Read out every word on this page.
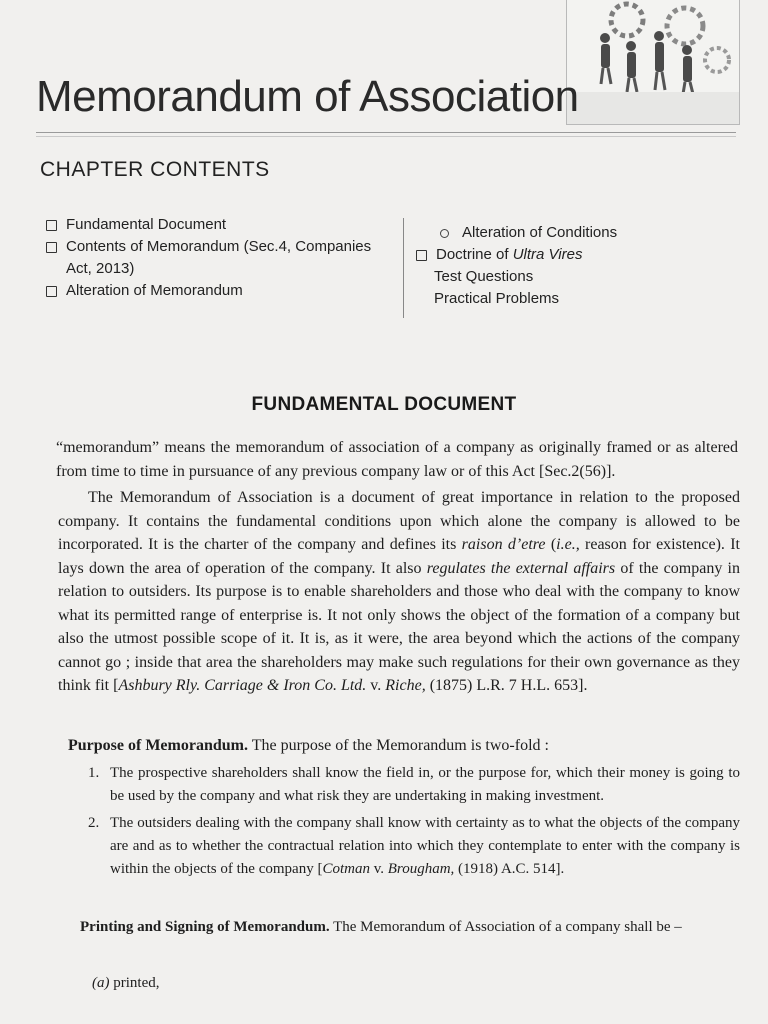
Memorandum of Association
CHAPTER CONTENTS
Fundamental Document
Contents of Memorandum (Sec.4, Companies Act, 2013)
Alteration of Memorandum
Alteration of Conditions
Doctrine of Ultra Vires
Test Questions
Practical Problems
FUNDAMENTAL DOCUMENT
“memorandum” means the memorandum of association of a company as originally framed or as altered from time to time in pursuance of any previous company law or of this Act [Sec.2(56)].
The Memorandum of Association is a document of great importance in relation to the proposed company. It contains the fundamental conditions upon which alone the company is allowed to be incorporated. It is the charter of the company and defines its raison d’etre (i.e., reason for existence). It lays down the area of operation of the company. It also regulates the external affairs of the company in relation to outsiders. Its purpose is to enable shareholders and those who deal with the company to know what its permitted range of enterprise is. It not only shows the object of the formation of a company but also the utmost possible scope of it. It is, as it were, the area beyond which the actions of the company cannot go ; inside that area the shareholders may make such regulations for their own governance as they think fit [Ashbury Rly. Carriage & Iron Co. Ltd. v. Riche, (1875) L.R. 7 H.L. 653].
Purpose of Memorandum. The purpose of the Memorandum is two-fold :
1. The prospective shareholders shall know the field in, or the purpose for, which their money is going to be used by the company and what risk they are undertaking in making investment.
2. The outsiders dealing with the company shall know with certainty as to what the objects of the company are and as to whether the contractual relation into which they contemplate to enter with the company is within the objects of the company [Cotman v. Brougham, (1918) A.C. 514].
Printing and Signing of Memorandum. The Memorandum of Association of a company shall be –
(a) printed,
